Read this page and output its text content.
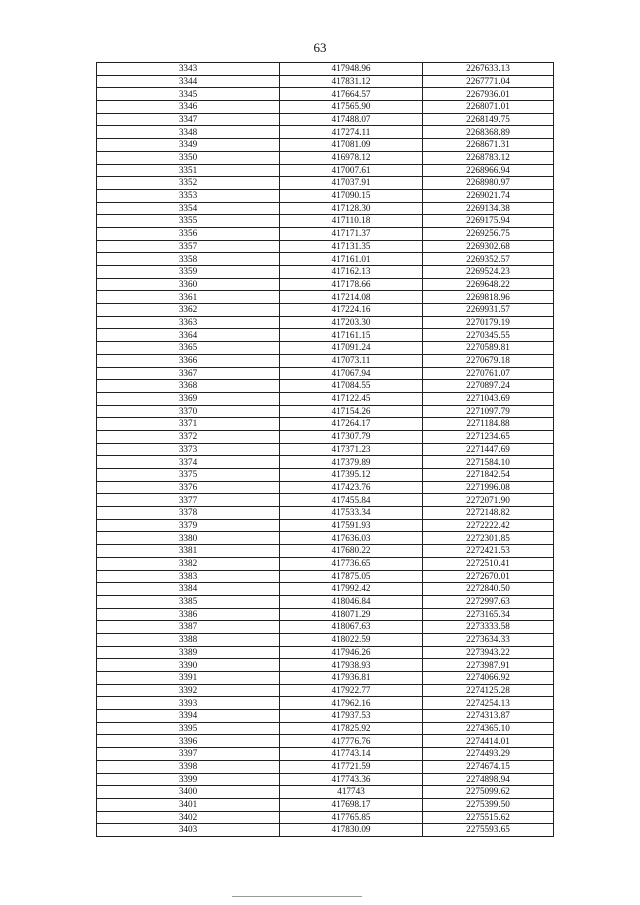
63
3343	417948.96	2267633.13
3344	417831.12	2267771.04
3345	417664.57	2267936.01
3346	417565.90	2268071.01
3347	417488.07	2268149.75
3348	417274.11	2268368.89
3349	417081.09	2268671.31
3350	416978.12	2268783.12
3351	417007.61	2268966.94
3352	417037.91	2268980.97
3353	417090.15	2269021.74
3354	417128.30	2269134.38
3355	417110.18	2269175.94
3356	417171.37	2269256.75
3357	417131.35	2269302.68
3358	417161.01	2269352.57
3359	417162.13	2269524.23
3360	417178.66	2269648.22
3361	417214.08	2269818.96
3362	417224.16	2269931.57
3363	417203.30	2270179.19
3364	417161.15	2270345.55
3365	417091.24	2270589.81
3366	417073.11	2270679.18
3367	417067.94	2270761.07
3368	417084.55	2270897.24
3369	417122.45	2271043.69
3370	417154.26	2271097.79
3371	417264.17	2271184.88
3372	417307.79	2271234.65
3373	417371.23	2271447.69
3374	417379.89	2271584.10
3375	417395.12	2271842.54
3376	417423.76	2271996.08
3377	417455.84	2272071.90
3378	417533.34	2272148.82
3379	417591.93	2272222.42
3380	417636.03	2272301.85
3381	417680.22	2272421.53
3382	417736.65	2272510.41
3383	417875.05	2272670.01
3384	417992.42	2272840.50
3385	418046.84	2272997.63
3386	418071.29	2273165.34
3387	418067.63	2273333.58
3388	418022.59	2273634.33
3389	417946.26	2273943.22
3390	417938.93	2273987.91
3391	417936.81	2274066.92
3392	417922.77	2274125.28
3393	417962.16	2274254.13
3394	417937.53	2274313.87
3395	417825.92	2274365.10
3396	417776.76	2274414.01
3397	417743.14	2274493.29
3398	417721.59	2274674.15
3399	417743.36	2274898.94
3400	417743	2275099.62
3401	417698.17	2275399.50
3402	417765.85	2275515.62
3403	417830.09	2275593.65
